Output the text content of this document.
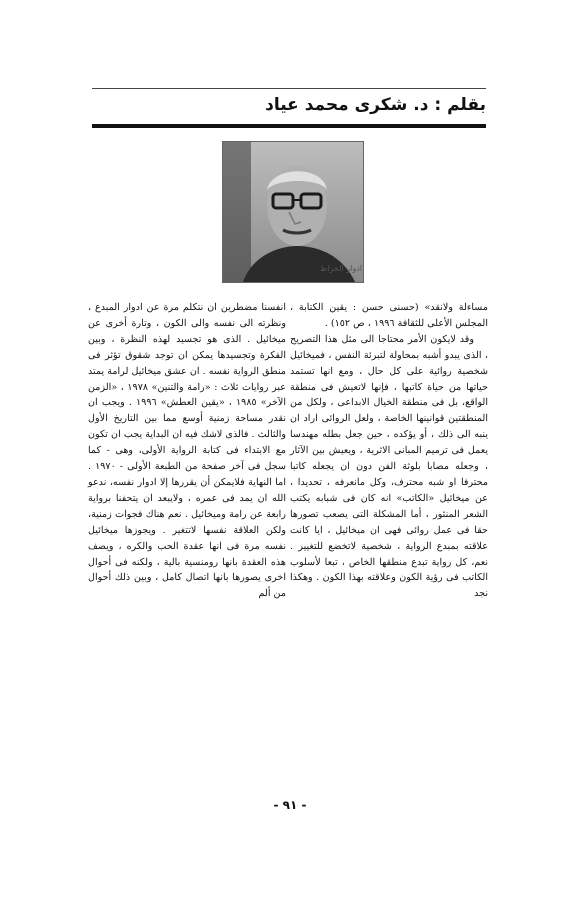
بقلم : د. شكرى محمد عياد
ادوار الخراط

مساءلة ولانقد» (حسنى حسن : يقين الكتابة ، المجلس الأعلى للثقافة ١٩٩٦ ، ص ١٥٢) .

وقد لايكون الأمر محتاجا الى مثل هذا التصريح ، الذى يبدو أشبه بمحاولة لتبرئة النفس ، فميخائيل شخصية روائية على كل حال ، ومع انها تستمد حياتها من حياة كاتبها ، فإنها لاتعيش فى منطقة الواقع، بل فى منطقة الخيال الابداعى ، ولكل من المنطقتين قوانينها الخاصة ، ولعل الروائى اراد ان ينبه الى ذلك ، أو يؤكده ، حين جعل بطله مهندسا يعمل فى ترميم المبانى الاثرية ، ويعيش بين الآثار ، وجعله مصابا بلوثة الفن دون ان يجعله كاتبا محترفا او شبه محترف، وكل مانعرفه ، تحديدا ، عن ميخائيل «الكاتب» انه كان فى شبابه يكتب الشعر المنثور ، أما المشكلة التى يصعب تصورها حقا فى عمل روائى فهى ان ميخائيل ، ايا كانت علاقته بمبدع الرواية ، شخصية لاتخضع للتغيير . نعم، كل رواية تبدع منطقها الخاص ، تبعا لأسلوب الكاتب فى رؤية الكون وعلاقته بهذا الكون . وهكذا نجد

انفسنا مضطرين ان نتكلم مرة عن ادوار المبدع ، ونظرته الى نفسه والى الكون ، وتارة أخرى عن ميخائيل . الذى هو تجسيد لهذه النظرة ، وبين الفكرة وتجسيدها يمكن ان توجد شقوق تؤثر فى منطق الرواية نفسه . ان عشق ميخائيل لرامة يمتد عبر روايات ثلاث : «رامة والتنين» ١٩٧٨ ، «الزمن الآخر» ١٩٨٥ ، «يقين العطش» ١٩٩٦ . ويجب ان نقدر مساحة زمنية أوسع مما بين التاريخ الأول والثالث . فالذى لاشك فيه ان البداية يجب ان تكون مع الابتداء فى كتابة الرواية الأولى، وهى - كما سجل فى آخر صفحة من الطبعة الأولى - ١٩٧٠ . اما النهاية فلايمكن أن يقررها إلا ادوار نفسه، ندعو الله ان يمد فى عمره ، ولايبعد ان يتحفنا برواية رابعة عن رامة وميخائيل . نعم هناك فجوات زمنية، ولكن العلاقة نفسها لاتتغير . ويجوزها ميخائيل نفسه مرة فى انها عقدة الحب والكره ، ويصف هذه العقدة بانها رومنسية بالية ، ولكنه فى أحوال اخرى يصورها بانها اتصال كامل ، وبين ذلك أحوال من ألم

- ٩١ -
